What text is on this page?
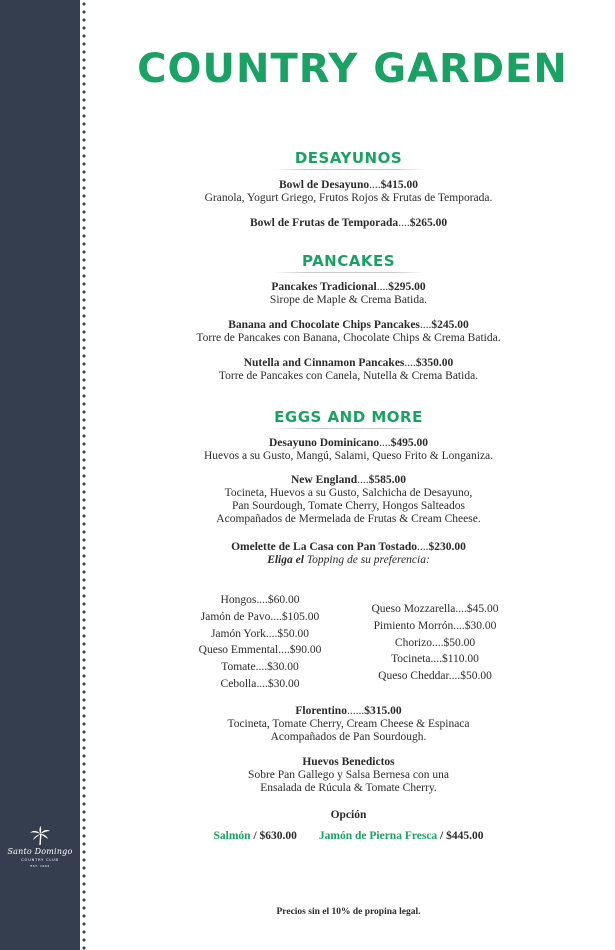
Santo Domingo
COUNTRY CLUB
EST. 1964
COUNTRY GARDEN
DESAYUNOS
Bowl de Desayuno....$415.00
Granola, Yogurt Griego, Frutos Rojos & Frutas de Temporada.
Bowl de Frutas de Temporada....$265.00
PANCAKES
Pancakes Tradicional....$295.00
Sirope de Maple & Crema Batida.
Banana and Chocolate Chips Pancakes....$245.00
Torre de Pancakes con Banana, Chocolate Chips & Crema Batida.
Nutella and Cinnamon Pancakes....$350.00
Torre de Pancakes con Canela, Nutella & Crema Batida.
EGGS AND MORE
Desayuno Dominicano....$495.00
Huevos a su Gusto, Mangú, Salami, Queso Frito & Longaniza.
New England....$585.00
Tocineta, Huevos a su Gusto, Salchicha de Desayuno,
Pan Sourdough, Tomate Cherry, Hongos Salteados
Acompañados de Mermelada de Frutas & Cream Cheese.
Omelette de La Casa con Pan Tostado....$230.00
Eliga el Topping de su preferencia:
Hongos....$60.00
Jamón de Pavo....$105.00
Jamón York....$50.00
Queso Emmental....$90.00
Tomate....$30.00
Cebolla....$30.00
Queso Mozzarella....$45.00
Pimiento Morrón....$30.00
Chorizo....$50.00
Tocineta....$110.00
Queso Cheddar....$50.00
Florentino......$315.00
Tocineta, Tomate Cherry, Cream Cheese & Espinaca
Acompañados de Pan Sourdough.
Huevos Benedictos
Sobre Pan Gallego y Salsa Bernesa con una
Ensalada de Rúcula & Tomate Cherry.
Opción
Salmón / $630.00 Jamón de Pierna Fresca / $445.00
Precios sin el 10% de propina legal.
